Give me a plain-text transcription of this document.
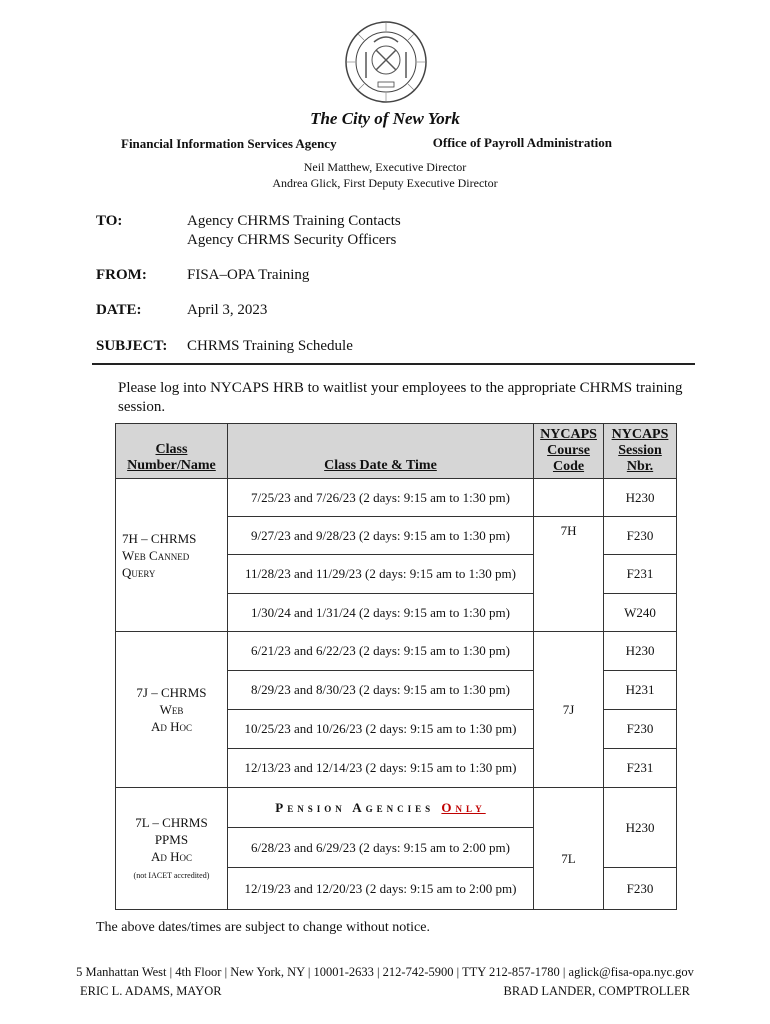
The City of New York
Financial Information Services Agency	Office of Payroll Administration
Neil Matthew, Executive Director
Andrea Glick, First Deputy Executive Director
TO:	Agency CHRMS Training Contacts
Agency CHRMS Security Officers
FROM:	FISA–OPA Training
DATE:	April 3, 2023
SUBJECT: CHRMS Training Schedule
Please log into NYCAPS HRB to waitlist your employees to the appropriate CHRMS training session.
Class
Number/Name	Class Date & Time	NYCAPS
Course
Code	NYCAPS
Session
Nbr.
7H – CHRMS
Web Canned
Query	7/25/23 and 7/26/23 (2 days: 9:15 am to 1:30 pm)		H230
	9/27/23 and 9/28/23 (2 days: 9:15 am to 1:30 pm)	7H	F230
	11/28/23 and 11/29/23 (2 days: 9:15 am to 1:30 pm)		F231
	1/30/24 and 1/31/24 (2 days: 9:15 am to 1:30 pm)		W240
7J – CHRMS
Web
Ad Hoc	6/21/23 and 6/22/23 (2 days: 9:15 am to 1:30 pm)	7J	H230
	8/29/23 and 8/30/23 (2 days: 9:15 am to 1:30 pm)		H231
	10/25/23 and 10/26/23 (2 days: 9:15 am to 1:30 pm)		F230
	12/13/23 and 12/14/23 (2 days: 9:15 am to 1:30 pm)		F231
7L – CHRMS
PPMS
Ad Hoc
(not IACET accredited)	Pension Agencies Only	7L	H230
	6/28/23 and 6/29/23 (2 days: 9:15 am to 2:00 pm)		
	12/19/23 and 12/20/23 (2 days: 9:15 am to 2:00 pm)		F230
The above dates/times are subject to change without notice.
5 Manhattan West | 4th Floor | New York, NY | 10001-2633 | 212-742-5900 | TTY 212-857-1780 | aglick@fisa-opa.nyc.gov
ERIC L. ADAMS, MAYOR	BRAD LANDER, COMPTROLLER
